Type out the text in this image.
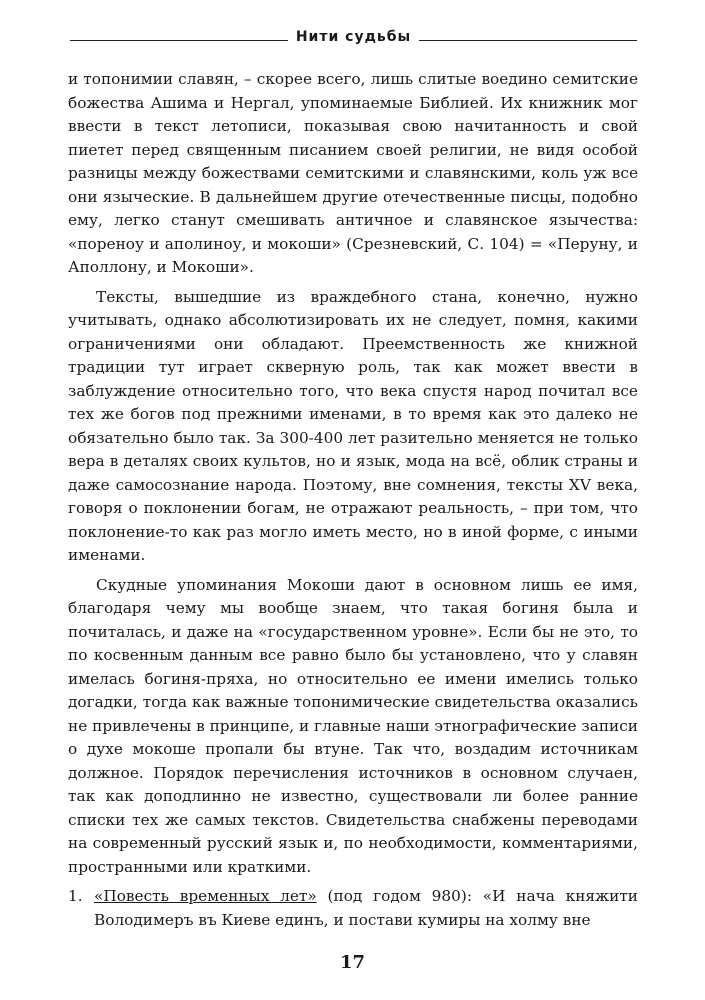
Нити судьбы

и топонимии славян, – скорее всего, лишь слитые воедино семитские божества Ашима и Нергал, упоминаемые Библией. Их книжник мог ввести в текст летописи, показывая свою начитанность и свой пиетет перед священным писанием своей религии, не видя особой разницы между божествами семитскими и славянскими, коль уж все они языческие. В дальнейшем другие отечественные писцы, подобно ему, легко станут смешивать античное и славянское язычества: «пореноу и аполиноу, и мокоши» (Срезневский, С. 104) = «Перуну, и Аполлону, и Мокоши».

Тексты, вышедшие из враждебного стана, конечно, нужно учитывать, однако абсолютизировать их не следует, помня, какими ограничениями они обладают. Преемственность же книжной традиции тут играет скверную роль, так как может ввести в заблуждение относительно того, что века спустя народ почитал все тех же богов под прежними именами, в то время как это далеко не обязательно было так. За 300-400 лет разительно меняется не только вера в деталях своих культов, но и язык, мода на всё, облик страны и даже самосознание народа. Поэтому, вне сомнения, тексты XV века, говоря о поклонении богам, не отражают реальность, – при том, что поклонение-то как раз могло иметь место, но в иной форме, с иными именами.

Скудные упоминания Мокоши дают в основном лишь ее имя, благодаря чему мы вообще знаем, что такая богиня была и почиталась, и даже на «государственном уровне». Если бы не это, то по косвенным данным все равно было бы установлено, что у славян имелась богиня-пряха, но относительно ее имени имелись только догадки, тогда как важные топонимические свидетельства оказались не привлечены в принципе, и главные наши этнографические записи о духе мокоше пропали бы втуне. Так что, воздадим источникам должное. Порядок перечисления источников в основном случаен, так как доподлинно не известно, существовали ли более ранние списки тех же самых текстов. Свидетельства снабжены переводами на современный русский язык и, по необходимости, комментариями, пространными или краткими.

1. «Повесть временных лет» (под годом 980): «И нача княжити Володимеръ въ Киеве единъ, и постави кумиры на холму вне
17
